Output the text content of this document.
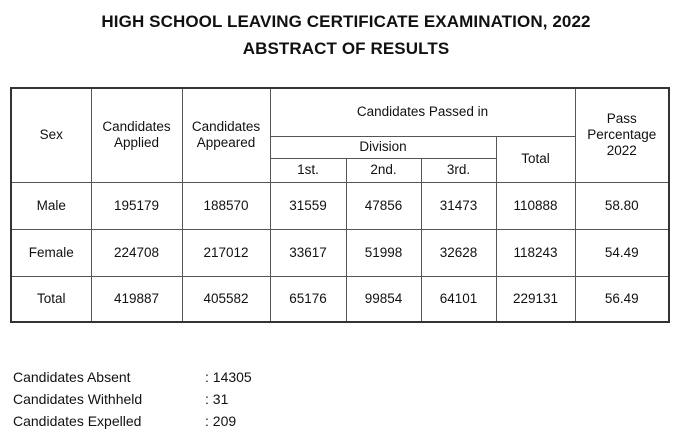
HIGH SCHOOL LEAVING CERTIFICATE EXAMINATION, 2022
ABSTRACT OF RESULTS
Sex	Candidates Applied	Candidates Appeared	Candidates Passed in				Pass Percentage 2022
			Division			Total	
			1st.	2nd.	3rd.		
Male	195179	188570	31559	47856	31473	110888	58.80
Female	224708	217012	33617	51998	32628	118243	54.49
Total	419887	405582	65176	99854	64101	229131	56.49
Candidates Absent	: 14305
Candidates Withheld	: 31
Candidates Expelled	: 209
